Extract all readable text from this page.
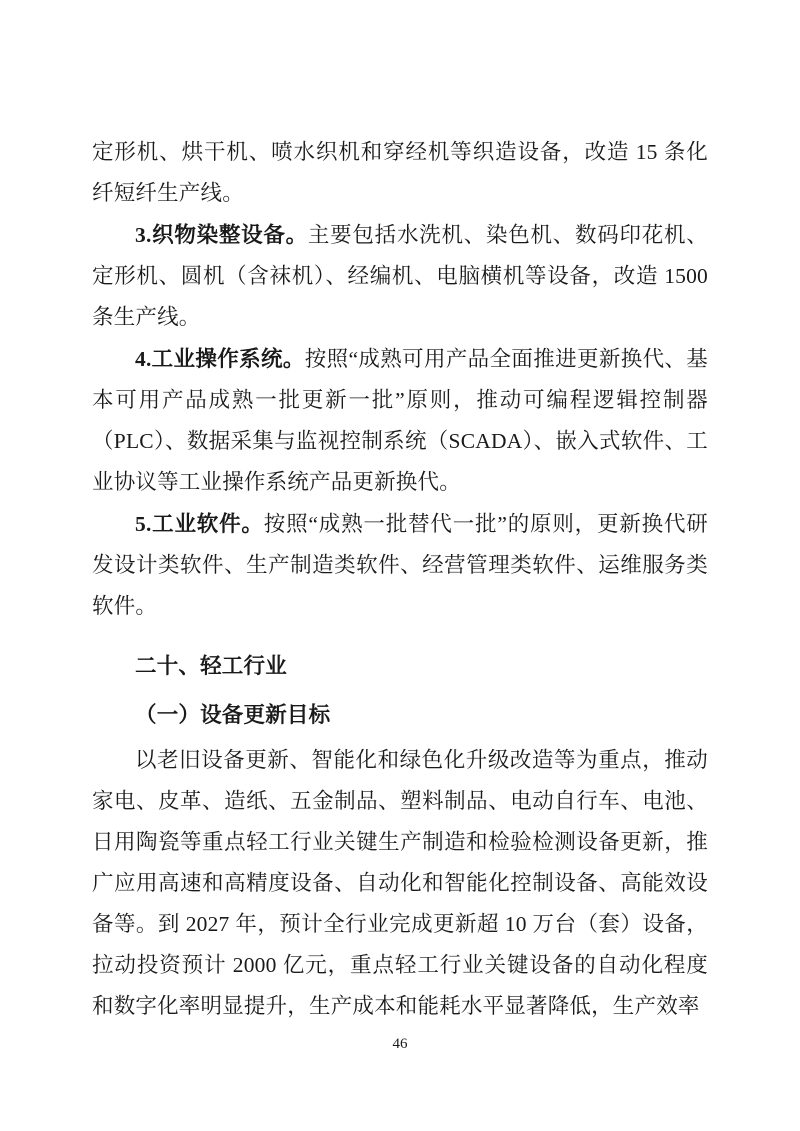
定形机、烘干机、喷水织机和穿经机等织造设备，改造 15 条化纤短纤生产线。

3.织物染整设备。主要包括水洗机、染色机、数码印花机、定形机、圆机（含袜机）、经编机、电脑横机等设备，改造 1500 条生产线。

4.工业操作系统。按照“成熟可用产品全面推进更新换代、基本可用产品成熟一批更新一批”原则，推动可编程逻辑控制器（PLC）、数据采集与监视控制系统（SCADA）、嵌入式软件、工业协议等工业操作系统产品更新换代。

5.工业软件。按照“成熟一批替代一批”的原则，更新换代研发设计类软件、生产制造类软件、经营管理类软件、运维服务类软件。

二十、轻工行业
（一）设备更新目标

以老旧设备更新、智能化和绿色化升级改造等为重点，推动家电、皮革、造纸、五金制品、塑料制品、电动自行车、电池、日用陶瓷等重点轻工行业关键生产制造和检验检测设备更新，推广应用高速和高精度设备、自动化和智能化控制设备、高能效设备等。到 2027 年，预计全行业完成更新超 10 万台（套）设备，拉动投资预计 2000 亿元，重点轻工行业关键设备的自动化程度和数字化率明显提升，生产成本和能耗水平显著降低，生产效率

46
